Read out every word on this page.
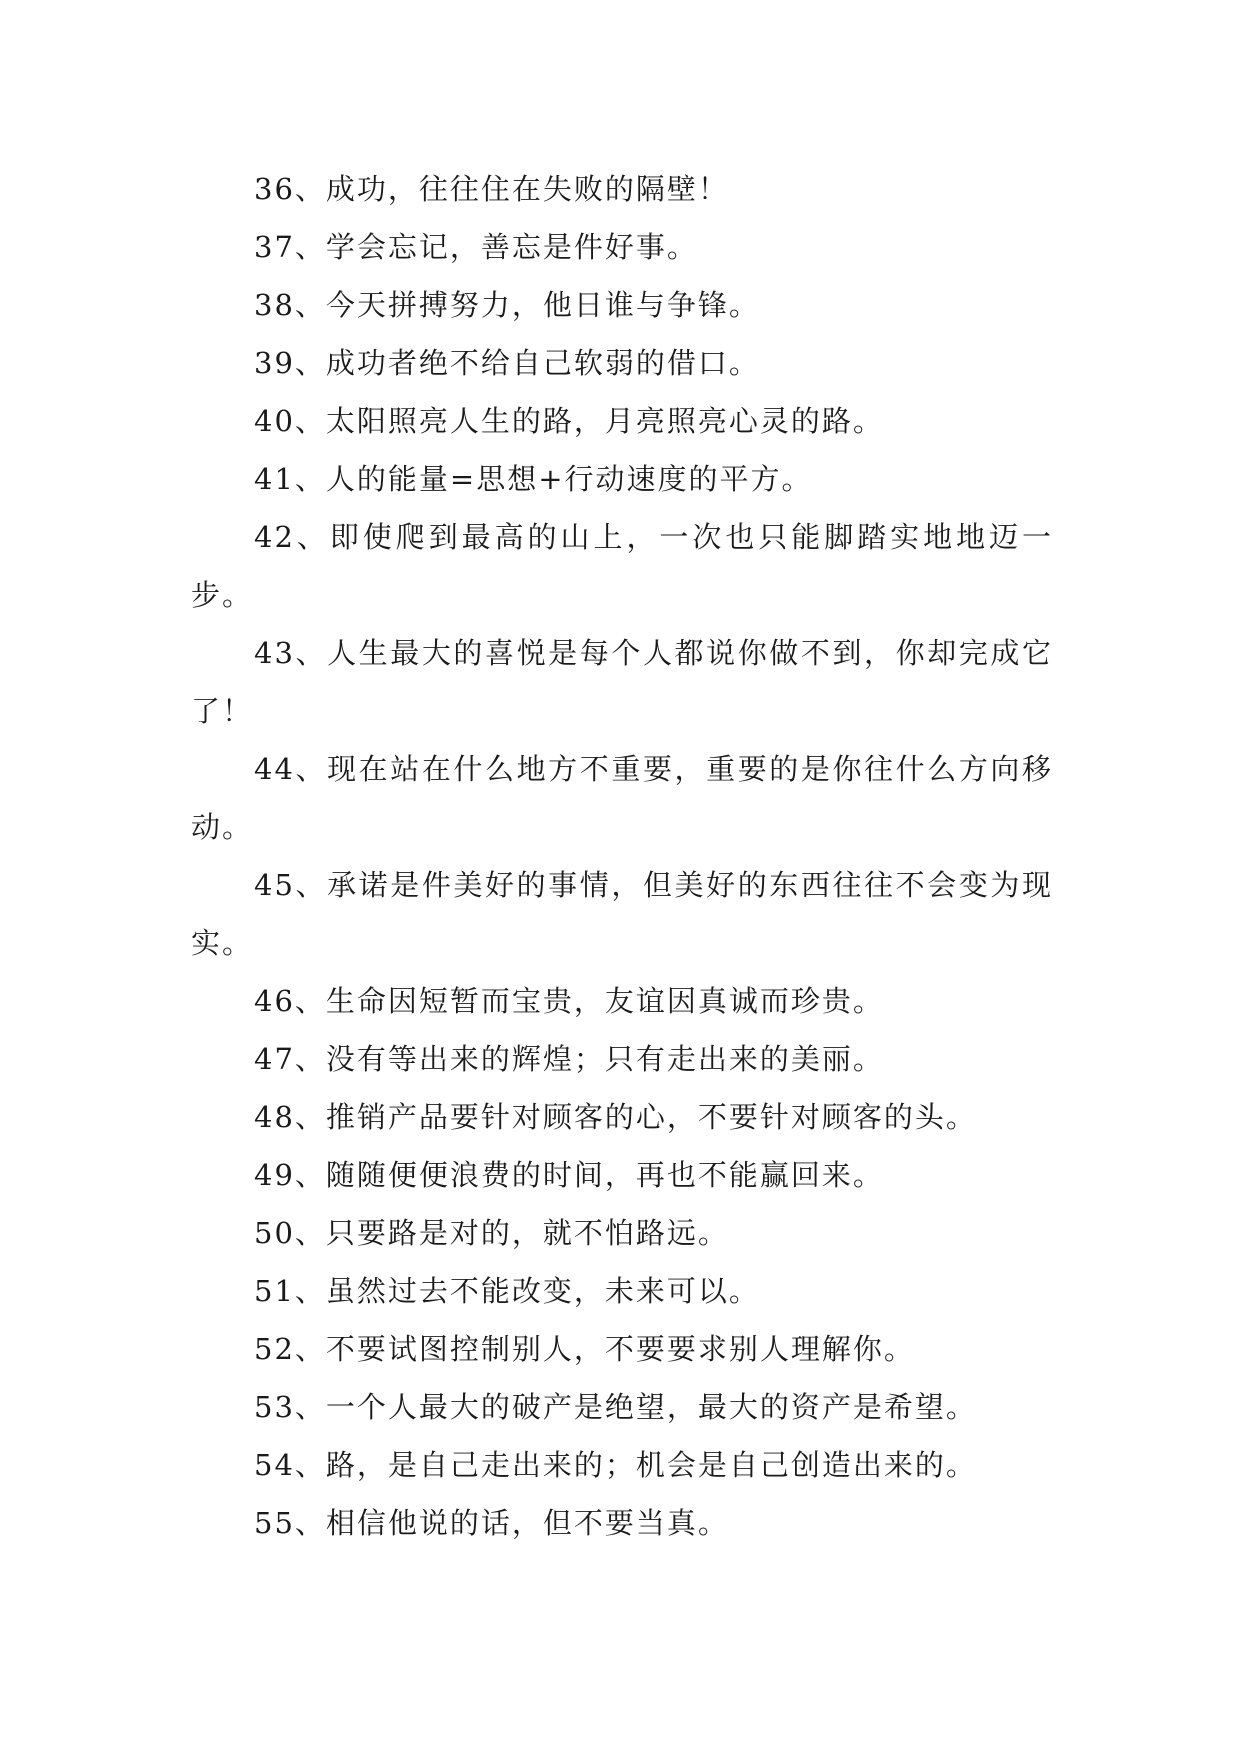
36、成功，往往住在失败的隔壁！

37、学会忘记，善忘是件好事。

38、今天拼搏努力，他日谁与争锋。

39、成功者绝不给自己软弱的借口。

40、太阳照亮人生的路，月亮照亮心灵的路。

41、人的能量=思想+行动速度的平方。

42、即使爬到最高的山上，一次也只能脚踏实地地迈一步。

43、人生最大的喜悦是每个人都说你做不到，你却完成它了！

44、现在站在什么地方不重要，重要的是你往什么方向移动。

45、承诺是件美好的事情，但美好的东西往往不会变为现实。

46、生命因短暂而宝贵，友谊因真诚而珍贵。

47、没有等出来的辉煌；只有走出来的美丽。

48、推销产品要针对顾客的心，不要针对顾客的头。

49、随随便便浪费的时间，再也不能赢回来。

50、只要路是对的，就不怕路远。

51、虽然过去不能改变，未来可以。

52、不要试图控制别人，不要要求别人理解你。

53、一个人最大的破产是绝望，最大的资产是希望。

54、路，是自己走出来的；机会是自己创造出来的。

55、相信他说的话，但不要当真。
